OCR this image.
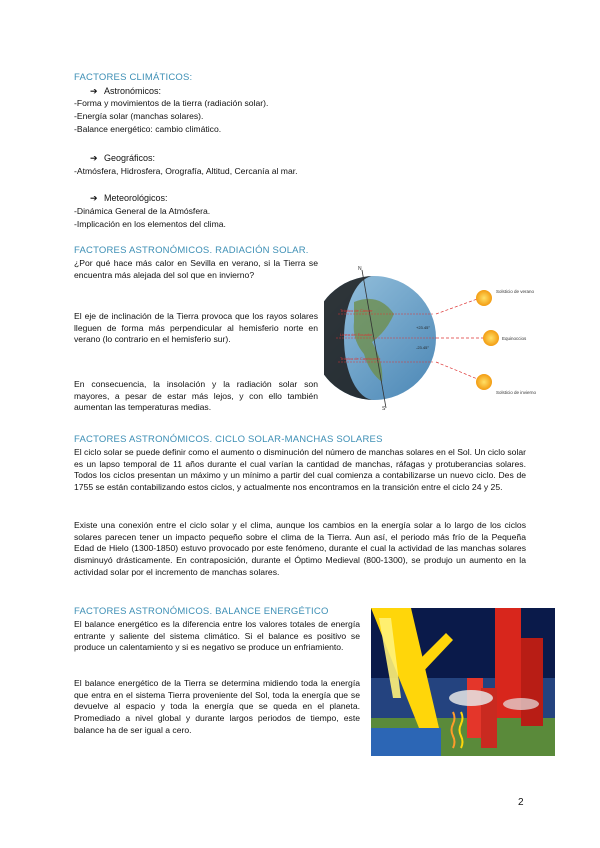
FACTORES CLIMÁTICOS:
➔ Astronómicos:
-Forma y movimientos de la tierra (radiación solar).
-Energía solar (manchas solares).
-Balance energético: cambio climático.
➔ Geográficos:
-Atmósfera, Hidrosfera, Orografía, Altitud, Cercanía al mar.
➔ Meteorológicos:
-Dinámica General de la Atmósfera.
-Implicación en los elementos del clima.
FACTORES ASTRONÓMICOS. RADIACIÓN SOLAR.
¿Por qué hace más calor en Sevilla en verano, si la Tierra se encuentra más alejada del sol que en invierno?
El eje de inclinación de la Tierra provoca que los rayos solares lleguen de forma más perpendicular al hemisferio norte en verano (lo contrario en el hemisferio sur).
En consecuencia, la insolación y la radiación solar son mayores, a pesar de estar más lejos, y con ello también aumentan las temperaturas medias.
N
S
Trópico de Cáncer
Línea del Ecuador
Trópico de Capricornio
+23.45°
-23.45°
Solsticio de verano
Equinoccios
Solsticio de invierno
FACTORES ASTRONÓMICOS. CICLO SOLAR-MANCHAS SOLARES
El ciclo solar se puede definir como el aumento o disminución del número de manchas solares en el Sol. Un ciclo solar es un lapso temporal de 11 años durante el cual varían la cantidad de manchas, ráfagas y protuberancias solares. Todos los ciclos presentan un máximo y un mínimo a partir del cual comienza a contabilizarse un nuevo ciclo. Des de 1755 se están contabilizando estos ciclos, y actualmente nos encontramos en la transición entre el ciclo 24 y 25.
Existe una conexión entre el ciclo solar y el clima, aunque los cambios en la energía solar a lo largo de los ciclos solares parecen tener un impacto pequeño sobre el clima de la Tierra. Aun así, el periodo más frío de la Pequeña Edad de Hielo (1300-1850) estuvo provocado por este fenómeno, durante el cual la actividad de las manchas solares disminuyó drásticamente. En contraposición, durante el Óptimo Medieval (800-1300), se produjo un aumento en la actividad solar por el incremento de manchas solares.
FACTORES ASTRONÓMICOS. BALANCE ENERGÉTICO
El balance energético es la diferencia entre los valores totales de energía entrante y saliente del sistema climático. Si el balance es positivo se produce un calentamiento y si es negativo se produce un enfriamiento.
El balance energético de la Tierra se determina midiendo toda la energía que entra en el sistema Tierra proveniente del Sol, toda la energía que se devuelve al espacio y toda la energía que se queda en el planeta. Promediado a nivel global y durante largos periodos de tiempo, este balance ha de ser igual a cero.
2
